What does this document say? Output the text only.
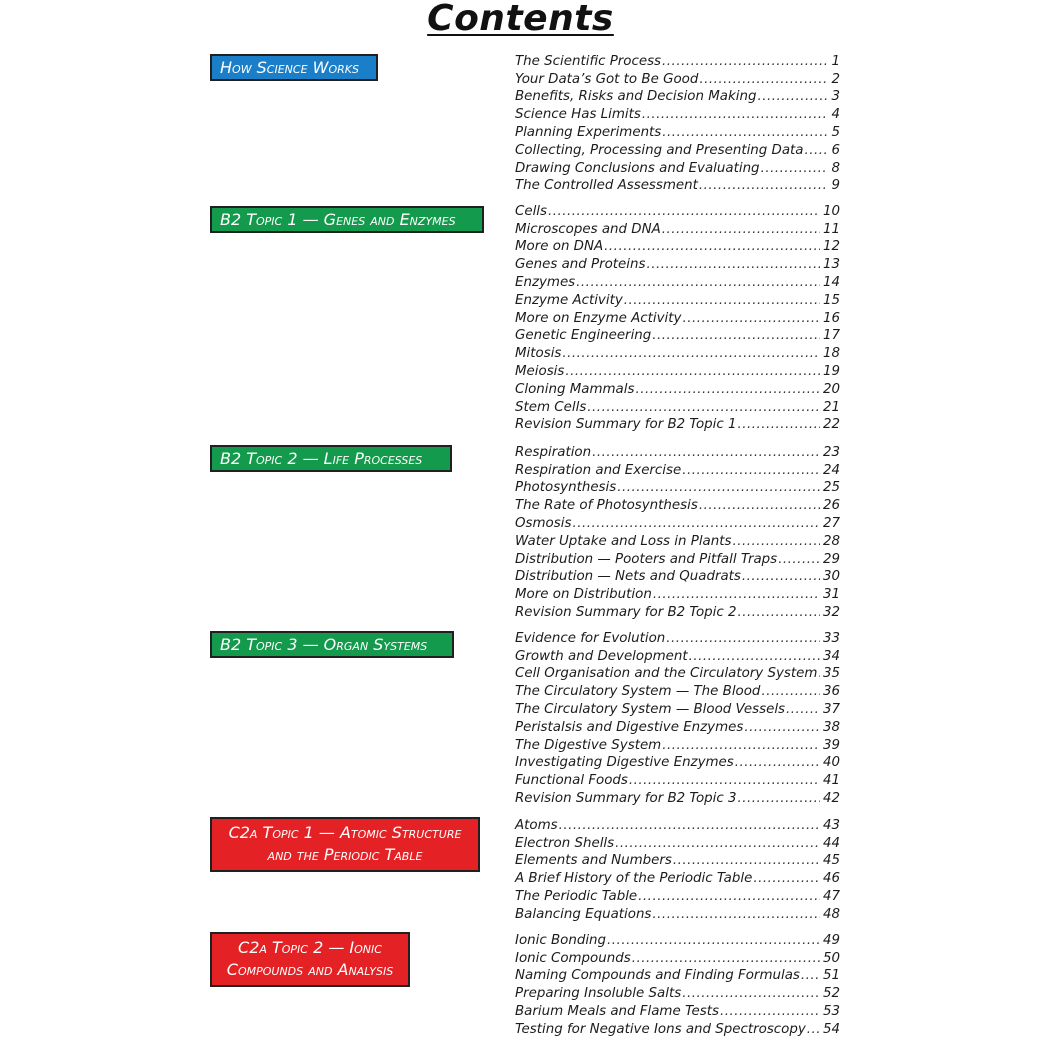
Contents
How Science Works	The Scientific Process .....	1
Your Data’s Got to Be Good .....	2
Benefits, Risks and Decision Making .....	3
Science Has Limits .....	4
Planning Experiments .....	5
Collecting, Processing and Presenting Data ..... 6
Drawing Conclusions and Evaluating .....	8
The Controlled Assessment .....	9
B2 Topic 1 — Genes and Enzymes	Cells .....	10
Microscopes and DNA .....	11
More on DNA .....	12
Genes and Proteins .....	13
Enzymes .....	14
Enzyme Activity .....	15
More on Enzyme Activity .....	16
Genetic Engineering .....	17
Mitosis .....	18
Meiosis .....	19
Cloning Mammals .....	20
Stem Cells .....	21
Revision Summary for B2 Topic 1 .....	22
B2 Topic 2 — Life Processes	Respiration .....	23
Respiration and Exercise .....	24
Photosynthesis .....	25
The Rate of Photosynthesis .....	26
Osmosis .....	27
Water Uptake and Loss in Plants .....	28
Distribution — Pooters and Pitfall Traps .....	29
Distribution — Nets and Quadrats .....	30
More on Distribution .....	31
Revision Summary for B2 Topic 2 .....	32
B2 Topic 3 — Organ Systems	Evidence for Evolution .....	33
Growth and Development .....	34
Cell Organisation and the Circulatory System ..... 35
The Circulatory System — The Blood .....	36
The Circulatory System — Blood Vessels .....	37
Peristalsis and Digestive Enzymes .....	38
The Digestive System .....	39
Investigating Digestive Enzymes .....	40
Functional Foods .....	41
Revision Summary for B2 Topic 3 .....	42
C2a Topic 1 — Atomic Structure
and the Periodic Table
Atoms .....	43
Electron Shells .....	44
Elements and Numbers .....	45
A Brief History of the Periodic Table .....	46
The Periodic Table .....	47
Balancing Equations .....	48
C2a Topic 2 — Ionic
Compounds and Analysis
Ionic Bonding .....	49
Ionic Compounds .....	50
Naming Compounds and Finding Formulas ..... 51
Preparing Insoluble Salts .....	52
Barium Meals and Flame Tests .....	53
Testing for Negative Ions and Spectroscopy ..... 54
